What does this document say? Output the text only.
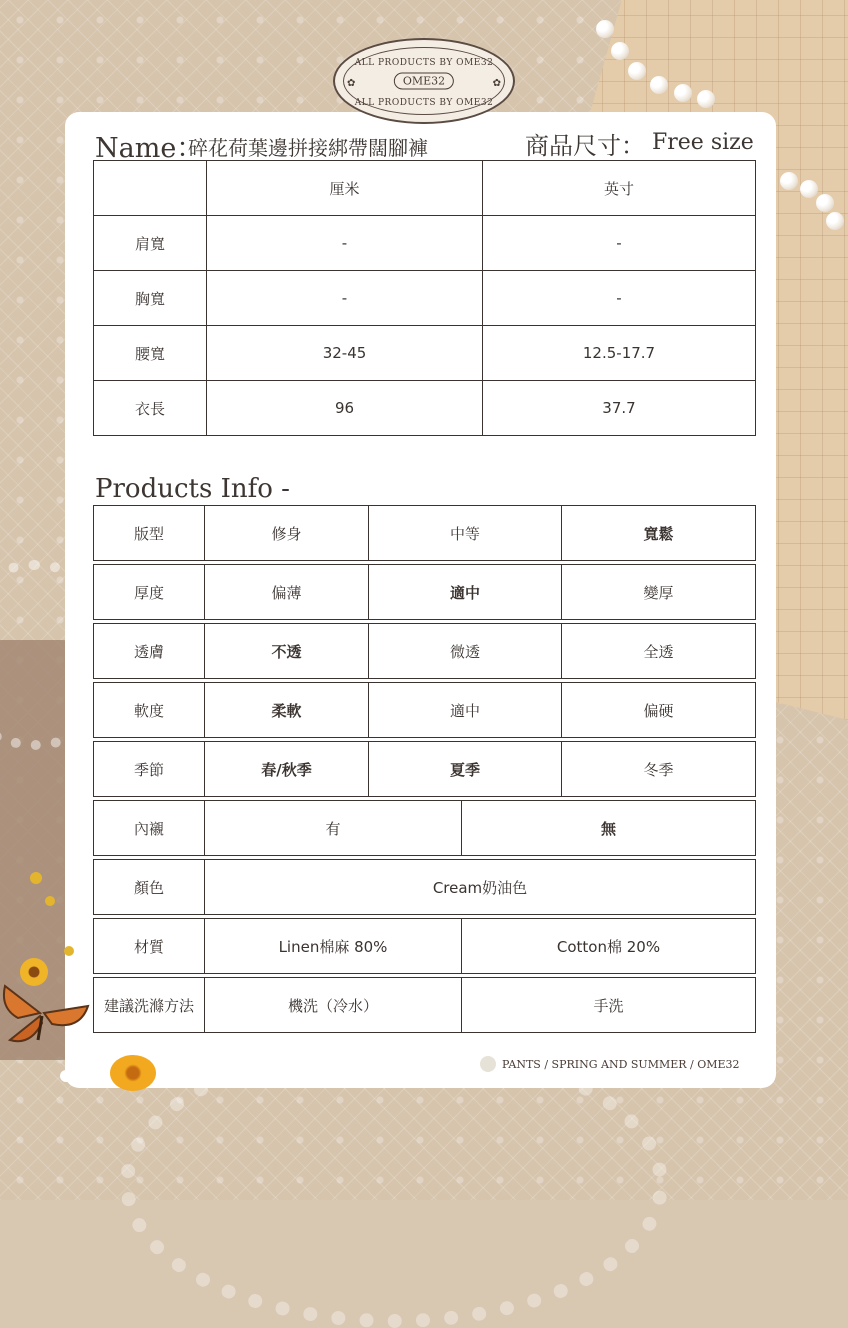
ALL PRODUCTS BY OME32
✿	OME32	✿
ALL PRODUCTS BY OME32
Name：
碎花荷葉邊拼接綁帶闊腳褲	商品尺寸： Free size
	厘米	英寸
肩寬	-	-
胸寬	-	-
腰寬	32-45	12.5-17.7
衣長	96	37.7
Products Info -
版型	修身	中等	寬鬆
厚度	偏薄	適中	變厚
透膚	不透	微透	全透
軟度	柔軟	適中	偏硬
季節	春/秋季	夏季	冬季
內襯	有	無
顏色	Cream奶油色
材質	Linen棉麻 80%	Cotton棉 20%
建議洗滌方法	機洗（冷水）	手洗
PANTS / SPRING AND SUMMER / OME32
